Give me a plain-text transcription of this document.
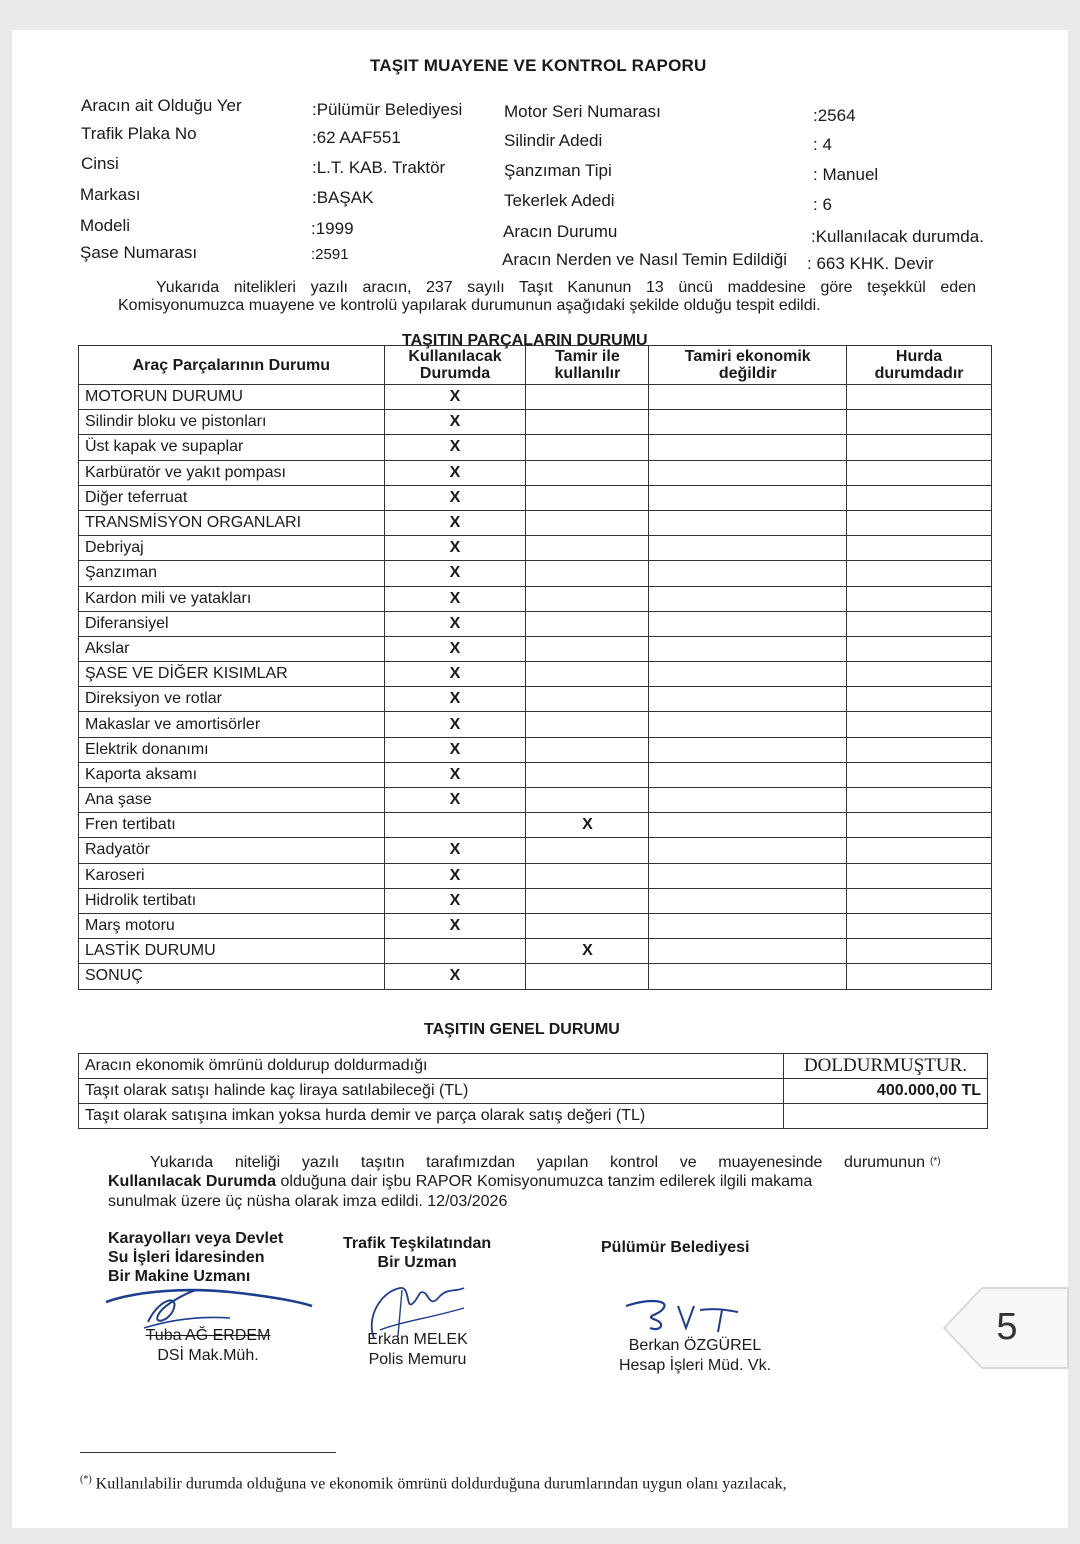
TAŞIT MUAYENE VE KONTROL RAPORU
Aracın ait Olduğu Yer	:Pülümür Belediyesi
Trafik Plaka No	:62 AAF551
Cinsi	:L.T. KAB. Traktör
Markası	:BAŞAK
Modeli	:1999
Şase Numarası	:2591
Motor Seri Numarası	:2564
Silindir Adedi	: 4
Şanzıman Tipi	: Manuel
Tekerlek Adedi	: 6
Aracın Durumu	:Kullanılacak durumda.
Aracın Nerden ve Nasıl Temin Edildiği : 663 KHK. Devir
Yukarıda nitelikleri yazılı aracın, 237 sayılı Taşıt Kanunun 13 üncü maddesine göre teşekkül eden
Komisyonumuzca muayene ve kontrolü yapılarak durumunun aşağıdaki şekilde olduğu tespit edildi.
TAŞITIN PARÇALARIN DURUMU
Araç Parçalarının Durumu	Kullanılacak Durumda	Tamir ile kullanılır	Tamiri ekonomik değildir	Hurda durumdadır
MOTORUN DURUMU	X			
Silindir bloku ve pistonları	X			
Üst kapak ve supaplar	X			
Karbüratör ve yakıt pompası	X			
Diğer teferruat	X			
TRANSMİSYON ORGANLARI	X			
Debriyaj	X			
Şanzıman	X			
Kardon mili ve yatakları	X			
Diferansiyel	X			
Akslar	X			
ŞASE VE DİĞER KISIMLAR	X			
Direksiyon ve rotlar	X			
Makaslar ve amortisörler	X			
Elektrik donanımı	X			
Kaporta aksamı	X			
Ana şase	X			
Fren tertibatı		X		
Radyatör	X			
Karoseri	X			
Hidrolik tertibatı	X			
Marş motoru	X			
LASTİK DURUMU		X		
SONUÇ	X			
TAŞITIN GENEL DURUMU
Aracın ekonomik ömrünü doldurup doldurmadığı	DOLDURMUŞTUR.
Taşıt olarak satışı halinde kaç liraya satılabileceği (TL)	400.000,00 TL
Taşıt olarak satışına imkan yoksa hurda demir ve parça olarak satış değeri (TL)	
Yukarıda niteliği yazılı taşıtın tarafımızdan yapılan kontrol ve muayenesinde durumunun (*)
Kullanılacak Durumda olduğuna dair işbu RAPOR Komisyonumuzca tanzim edilerek ilgili makama
sunulmak üzere üç nüsha olarak imza edildi. 12/03/2026
Karayolları veya Devlet
Su İşleri İdaresinden
Bir Makine Uzmanı
Trafik Teşkilatından
Bir Uzman
Pülümür Belediyesi
Tuba AĞ ERDEM
DSİ Mak.Müh.
Erkan MELEK
Polis Memuru
Berkan ÖZGÜREL
Hesap İşleri Müd. Vk.
(*) Kullanılabilir durumda olduğuna ve ekonomik ömrünü doldurduğuna durumlarından uygun olanı yazılacak,
5
